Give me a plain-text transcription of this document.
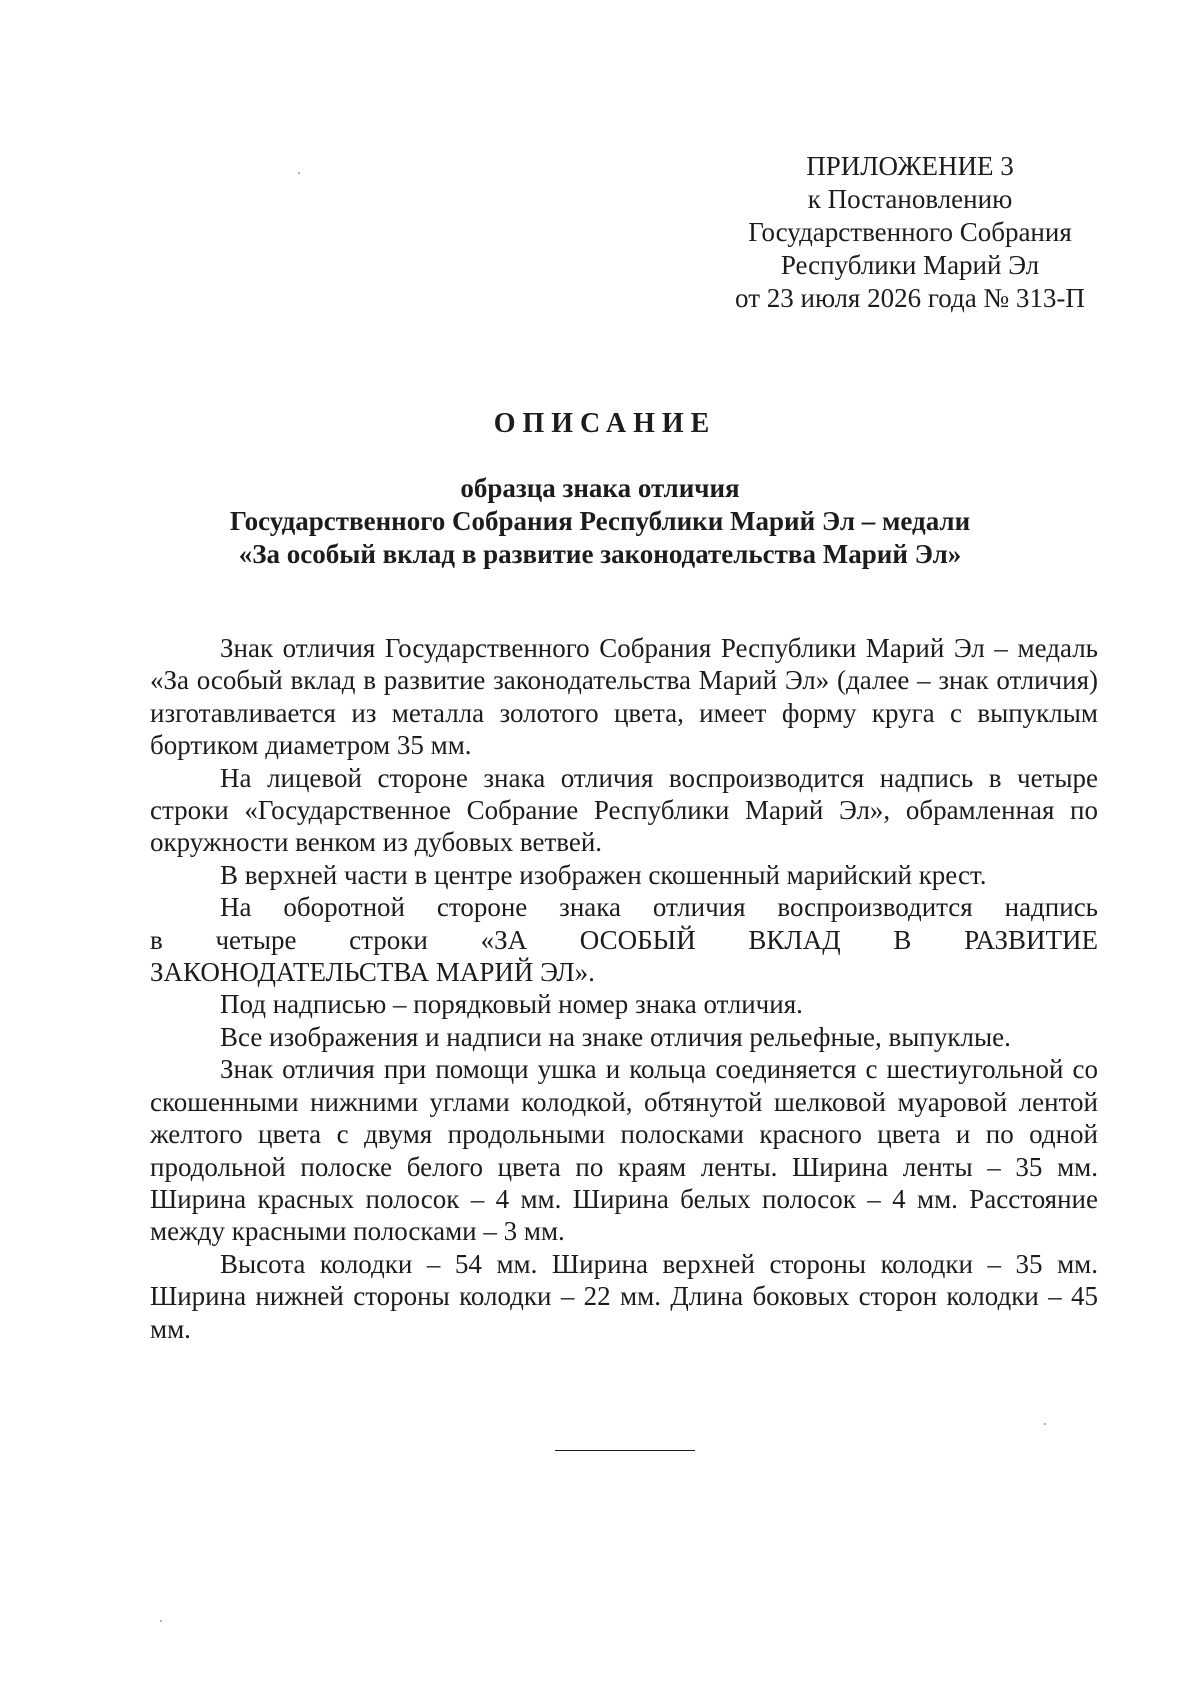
ПРИЛОЖЕНИЕ 3
к Постановлению
Государственного Собрания
Республики Марий Эл
от 23 июля 2026 года № 313-П
ОПИСАНИЕ
образца знака отличия
Государственного Собрания Республики Марий Эл – медали
«За особый вклад в развитие законодательства Марий Эл»

Знак отличия Государственного Собрания Республики Марий Эл – медаль «За особый вклад в развитие законодательства Марий Эл» (далее – знак отличия) изготавливается из металла золотого цвета, имеет форму круга с выпуклым бортиком диаметром 35 мм.

На лицевой стороне знака отличия воспроизводится надпись в четыре строки «Государственное Собрание Республики Марий Эл», обрамленная по окружности венком из дубовых ветвей.

В верхней части в центре изображен скошенный марийский крест.

На оборотной стороне знака отличия воспроизводится надпись

в четыре строки «ЗА ОСОБЫЙ ВКЛАД В РАЗВИТИЕ

ЗАКОНОДАТЕЛЬСТВА МАРИЙ ЭЛ».

Под надписью – порядковый номер знака отличия.

Все изображения и надписи на знаке отличия рельефные, выпуклые.

Знак отличия при помощи ушка и кольца соединяется с шестиугольной со скошенными нижними углами колодкой, обтянутой шелковой муаровой лентой желтого цвета с двумя продольными полосками красного цвета и по одной продольной полоске белого цвета по краям ленты. Ширина ленты – 35 мм. Ширина красных полосок – 4 мм. Ширина белых полосок – 4 мм. Расстояние между красными полосками – 3 мм.

Высота колодки – 54 мм. Ширина верхней стороны колодки – 35 мм. Ширина нижней стороны колодки – 22 мм. Длина боковых сторон колодки – 45 мм.
